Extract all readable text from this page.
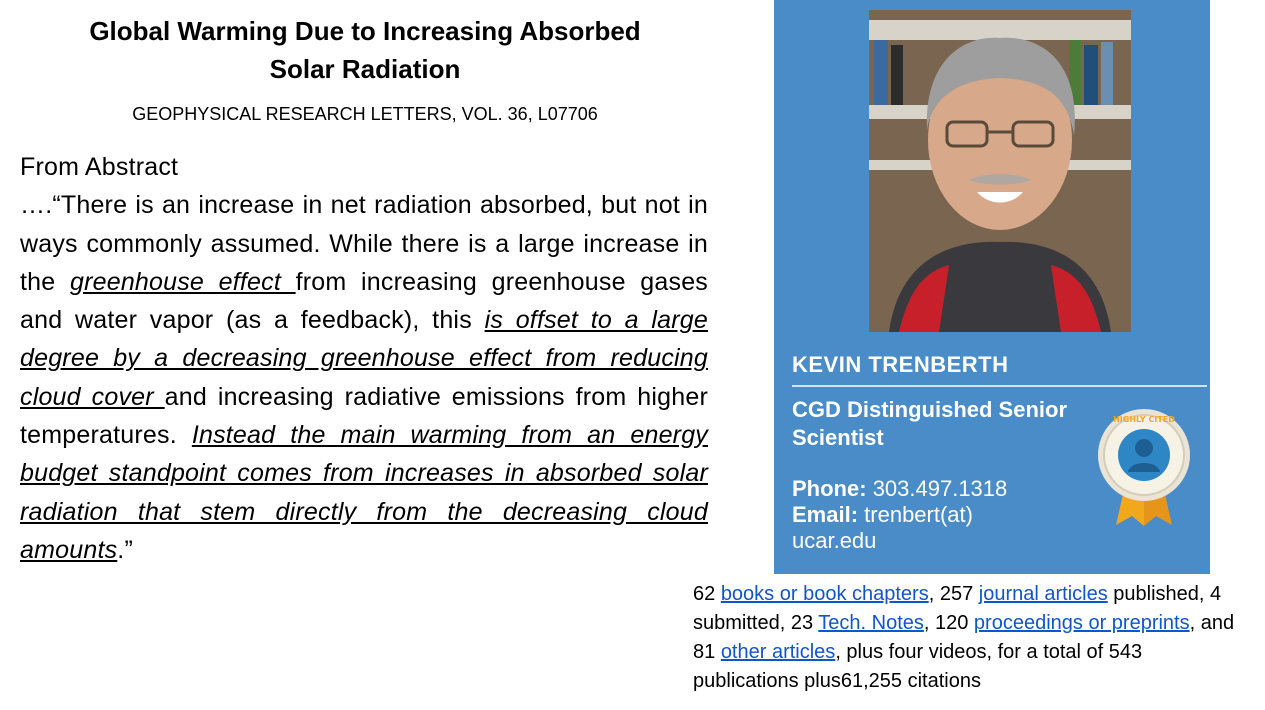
Global Warming Due to Increasing Absorbed
Solar Radiation
GEOPHYSICAL RESEARCH LETTERS, VOL. 36, L07706
From Abstract
….“There is an increase in net radiation absorbed, but not in ways commonly assumed. While there is a large increase in the greenhouse effect from increasing greenhouse gases and water vapor (as a feedback), this is offset to a large degree by a decreasing greenhouse effect from reducing cloud cover and increasing radiative emissions from higher temperatures. Instead the main warming from an energy budget standpoint comes from increases in absorbed solar radiation that stem directly from the decreasing cloud amounts.”
KEVIN TRENBERTH
CGD Distinguished Senior Scientist
Phone: 303.497.1318
Email: trenbert(at)
ucar.edu
HIGHLY CITED
62 books or book chapters, 257 journal articles published, 4 submitted, 23 Tech. Notes, 120 proceedings or preprints, and 81 other articles, plus four videos, for a total of 543 publications plus61,255 citations
